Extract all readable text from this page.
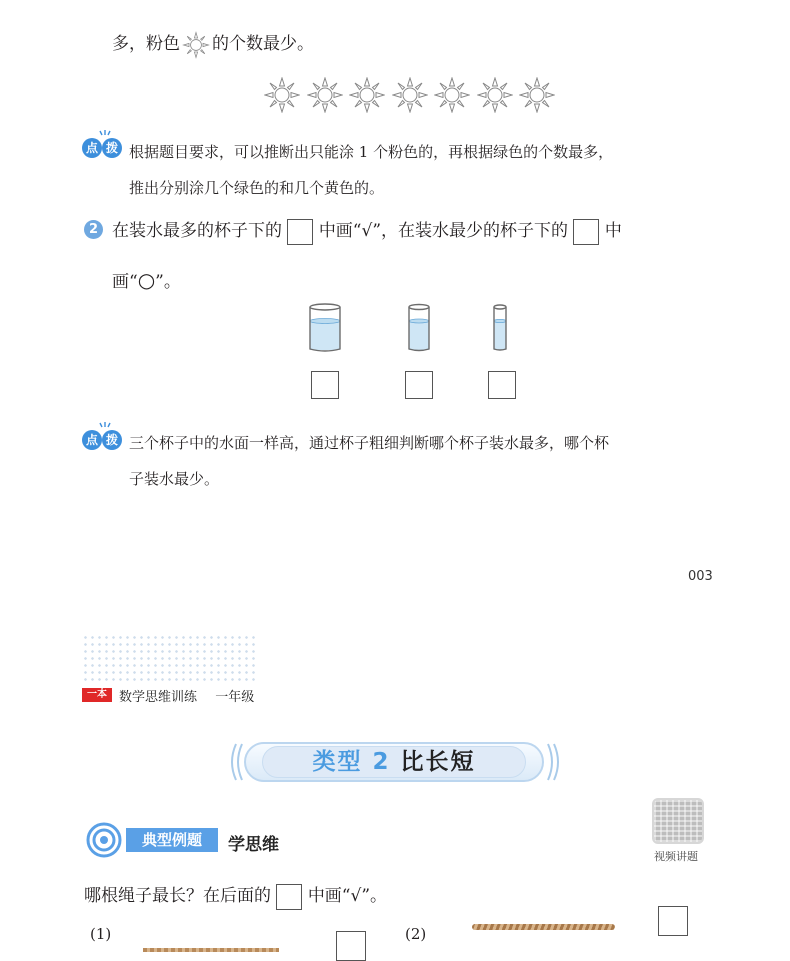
多，粉色 的个数最少。
点 拨 根据题目要求，可以推断出只能涂 1 个粉色的，再根据绿色的个数最多，
推出分别涂几个绿色的和几个黄色的。
2 在装水最多的杯子下的 中画“√”，在装水最少的杯子下的 中
画“○”。
点 拨 三个杯子中的水面一样高，通过杯子粗细判断哪个杯子装水最多，哪个杯
子装水最少。
003
一本 数学思维训练 一年级
类型 2 比长短
典型例题	学思维
视频讲题
哪根绳子最长？在后面的 中画“√”。
(1)	(2)
